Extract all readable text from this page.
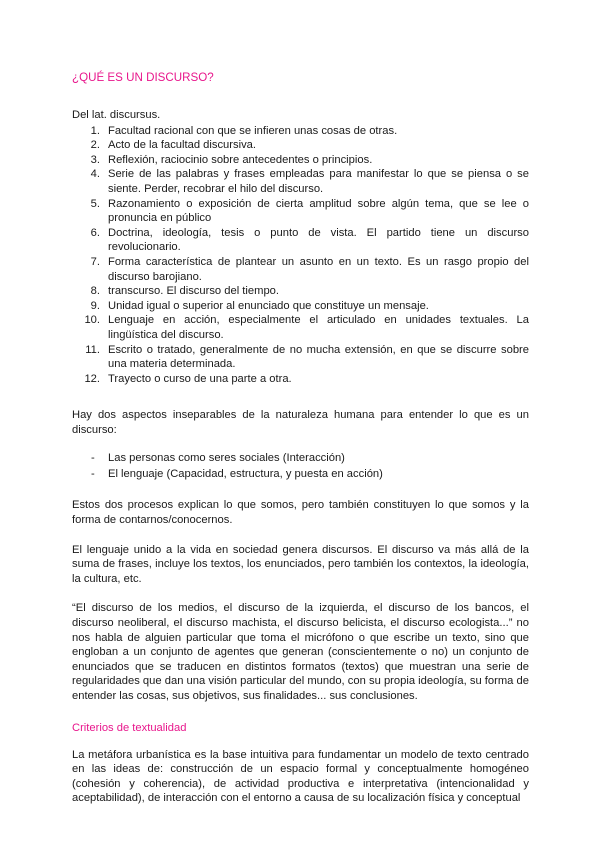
¿QUÉ ES UN DISCURSO?

Del lat. discursus.

1. Facultad racional con que se infieren unas cosas de otras.
2. Acto de la facultad discursiva.
3. Reflexión, raciocinio sobre antecedentes o principios.
4. Serie de las palabras y frases empleadas para manifestar lo que se piensa o se siente. Perder, recobrar el hilo del discurso.
5. Razonamiento o exposición de cierta amplitud sobre algún tema, que se lee o pronuncia en público
6. Doctrina, ideología, tesis o punto de vista. El partido tiene un discurso revolucionario.
7. Forma característica de plantear un asunto en un texto. Es un rasgo propio del discurso barojiano.
8. transcurso. El discurso del tiempo.
9. Unidad igual o superior al enunciado que constituye un mensaje.
10. Lenguaje en acción, especialmente el articulado en unidades textuales. La lingüística del discurso.
11. Escrito o tratado, generalmente de no mucha extensión, en que se discurre sobre una materia determinada.
12. Trayecto o curso de una parte a otra.

Hay dos aspectos inseparables de la naturaleza humana para entender lo que es un discurso:

-	Las personas como seres sociales (Interacción)
-	El lenguaje (Capacidad, estructura, y puesta en acción)

Estos dos procesos explican lo que somos, pero también constituyen lo que somos y la forma de contarnos/conocernos.

El lenguaje unido a la vida en sociedad genera discursos. El discurso va más allá de la suma de frases, incluye los textos, los enunciados, pero también los contextos, la ideología, la cultura, etc.

“El discurso de los medios, el discurso de la izquierda, el discurso de los bancos, el discurso neoliberal, el discurso machista, el discurso belicista, el discurso ecologista...” no nos habla de alguien particular que toma el micrófono o que escribe un texto, sino que engloban a un conjunto de agentes que generan (conscientemente o no) un conjunto de enunciados que se traducen en distintos formatos (textos) que muestran una serie de regularidades que dan una visión particular del mundo, con su propia ideología, su forma de entender las cosas, sus objetivos, sus finalidades... sus conclusiones.

Criterios de textualidad

La metáfora urbanística es la base intuitiva para fundamentar un modelo de texto centrado en las ideas de: construcción de un espacio formal y conceptualmente homogéneo (cohesión y coherencia), de actividad productiva e interpretativa (intencionalidad y aceptabilidad), de interacción con el entorno a causa de su localización física y conceptual
